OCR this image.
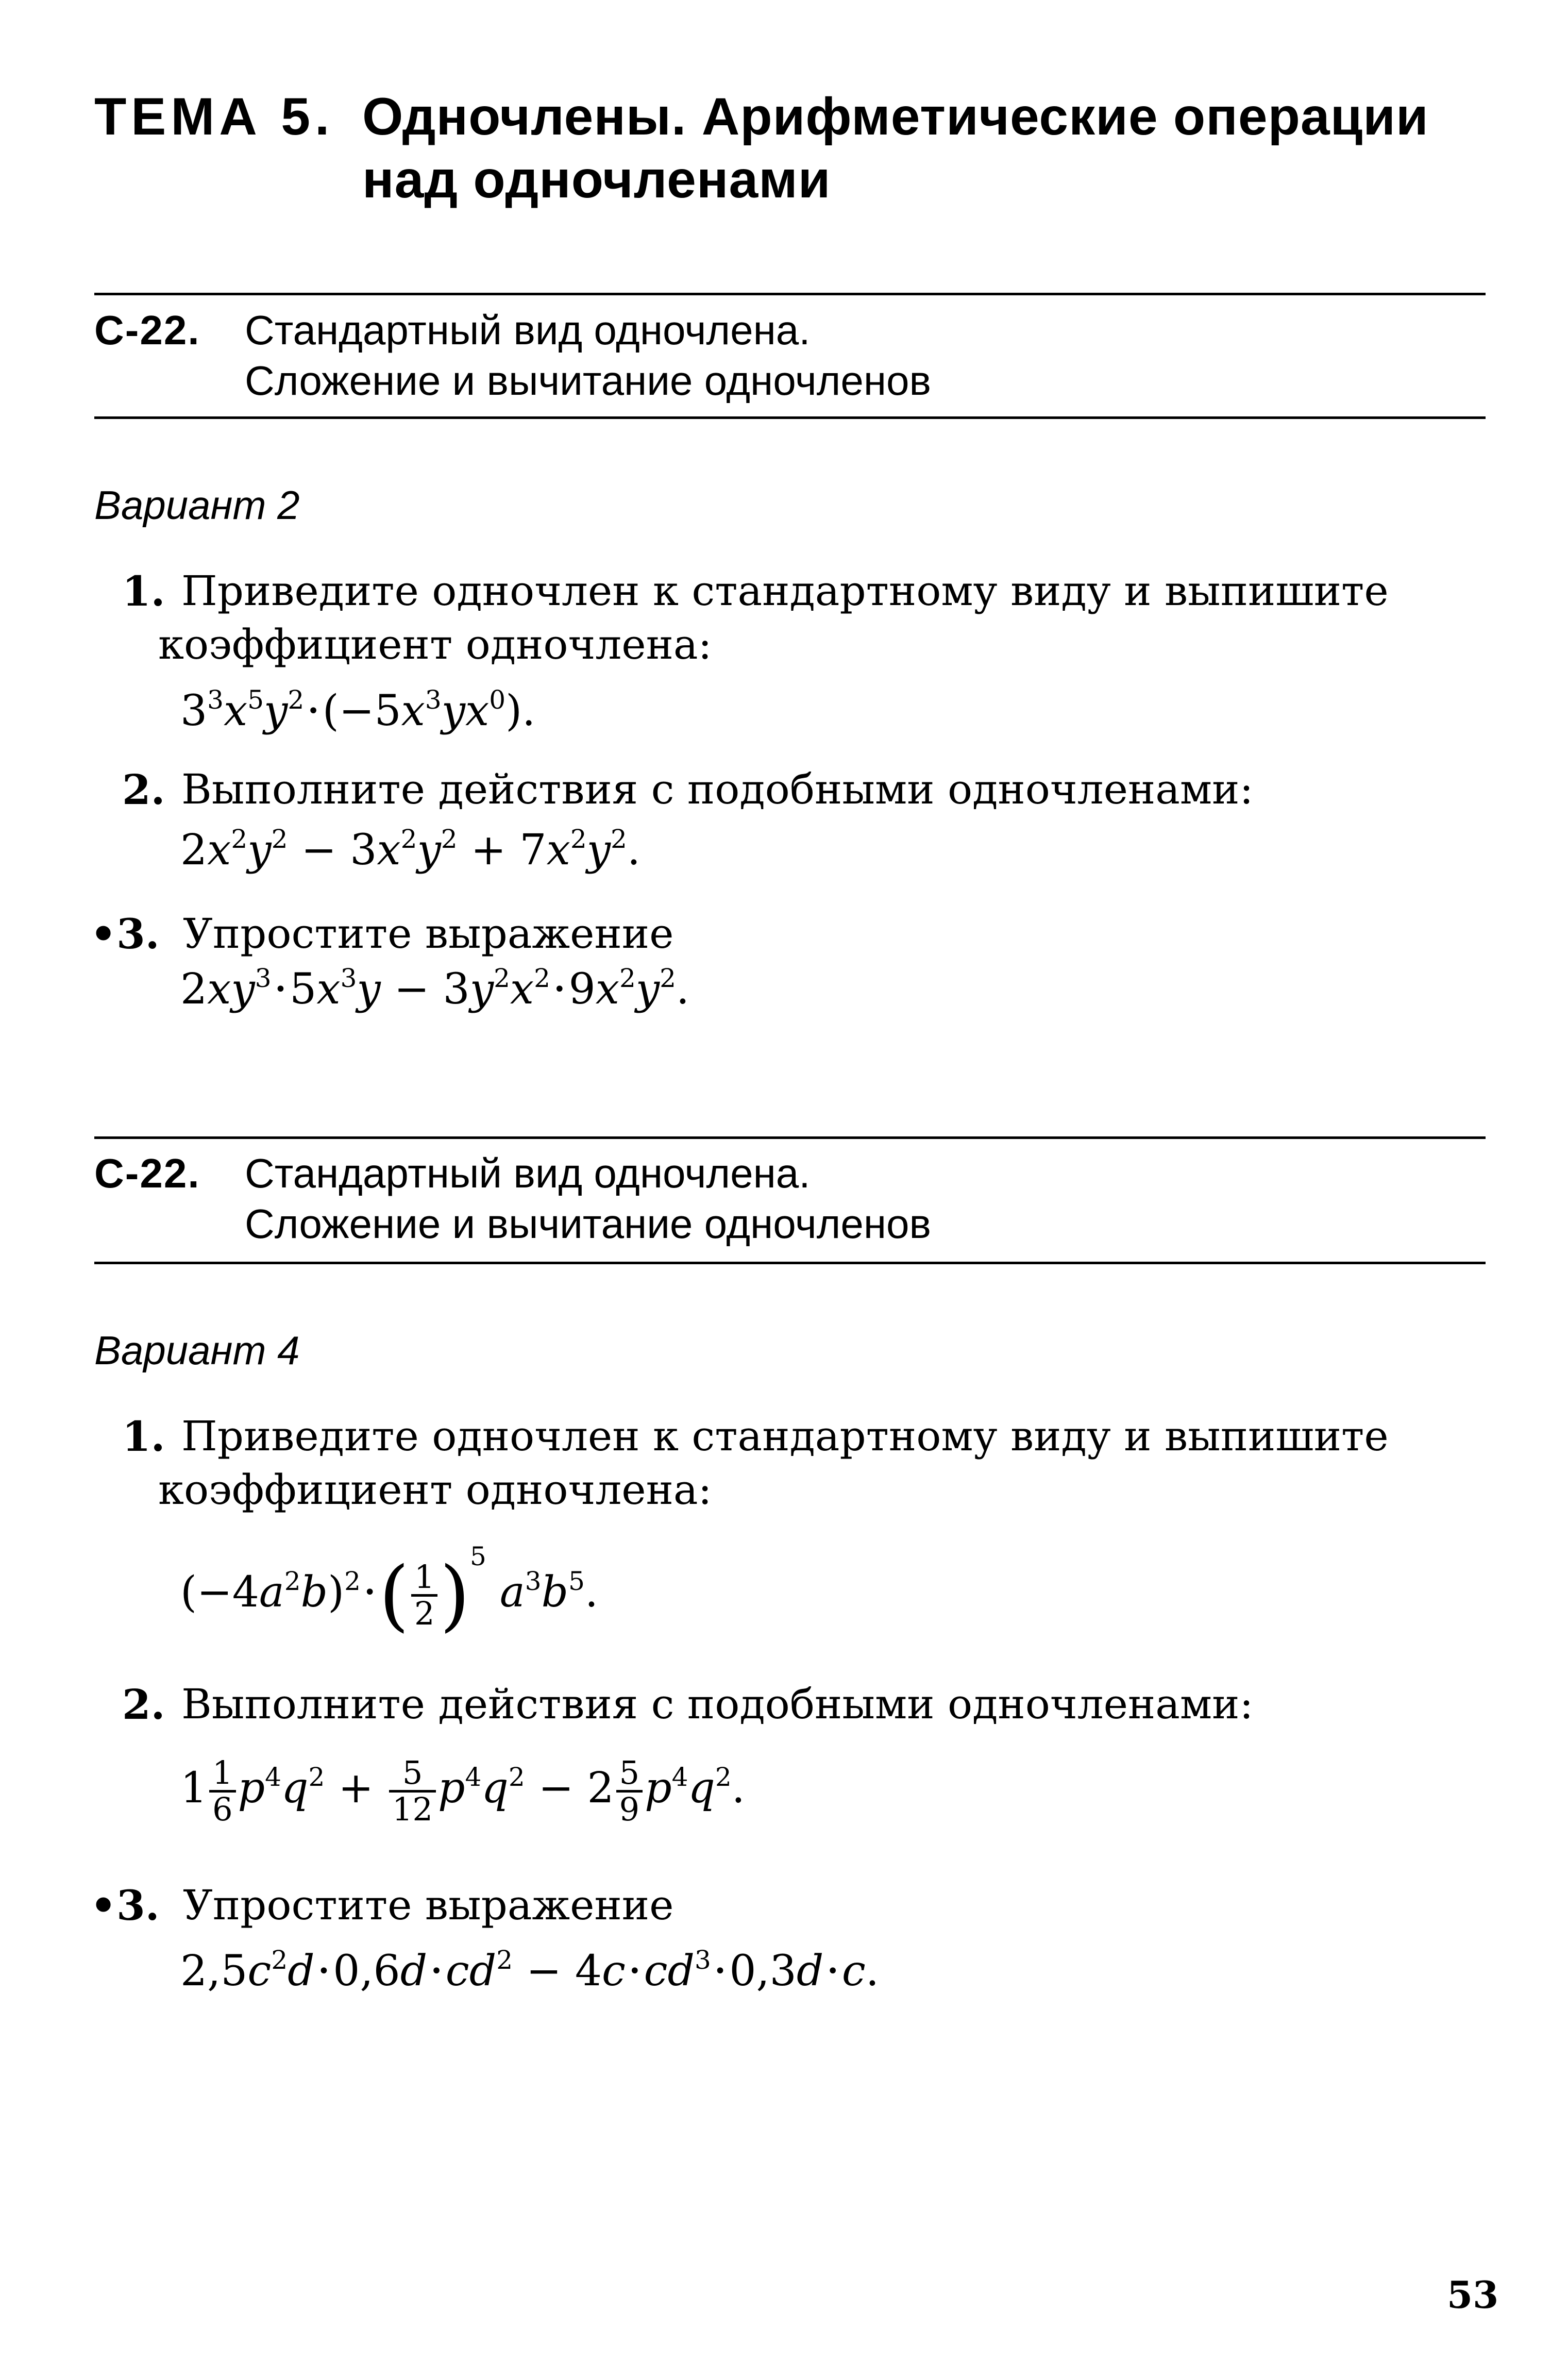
ТЕМА 5. Одночлены. Арифметические операции
над одночленами
С-22. Стандартный вид одночлена.
Сложение и вычитание одночленов
Вариант 2
1. Приведите одночлен к стандартному виду и выпишите
коэффициент одночлена:
$3^3x^5y^2$ $•(-5x^3yx^0)$.
2. Выполните действия с подобными одночленами:
$2x^2y^2 - 3x^2y^2 + 7x^2y^2$.
•3. Упростите выражение
$2xy^3$ $•5x^3y - 3y^2x^2$ $•9x^2y^2$.
С-22. Стандартный вид одночлена.
Сложение и вычитание одночленов
Вариант 4
1. Приведите одночлен к стандартному виду и выпишите
коэффициент одночлена:
$(-4a^2b)^2$ •( $\frac{1}{2} )^5$ $a^3b^5$.
2. Выполните действия с подобными одночленами:
$1 \frac{1}{6} p^4q^2 + \frac{5}{12} p^4q^2 - 2 \frac{5}{9} p^4q^2$.
•3. Упростите выражение
$2,5c^2d$ •0,6d $•cd^2 - 4c$ $•cd^3$ •0,3d •c.
53
